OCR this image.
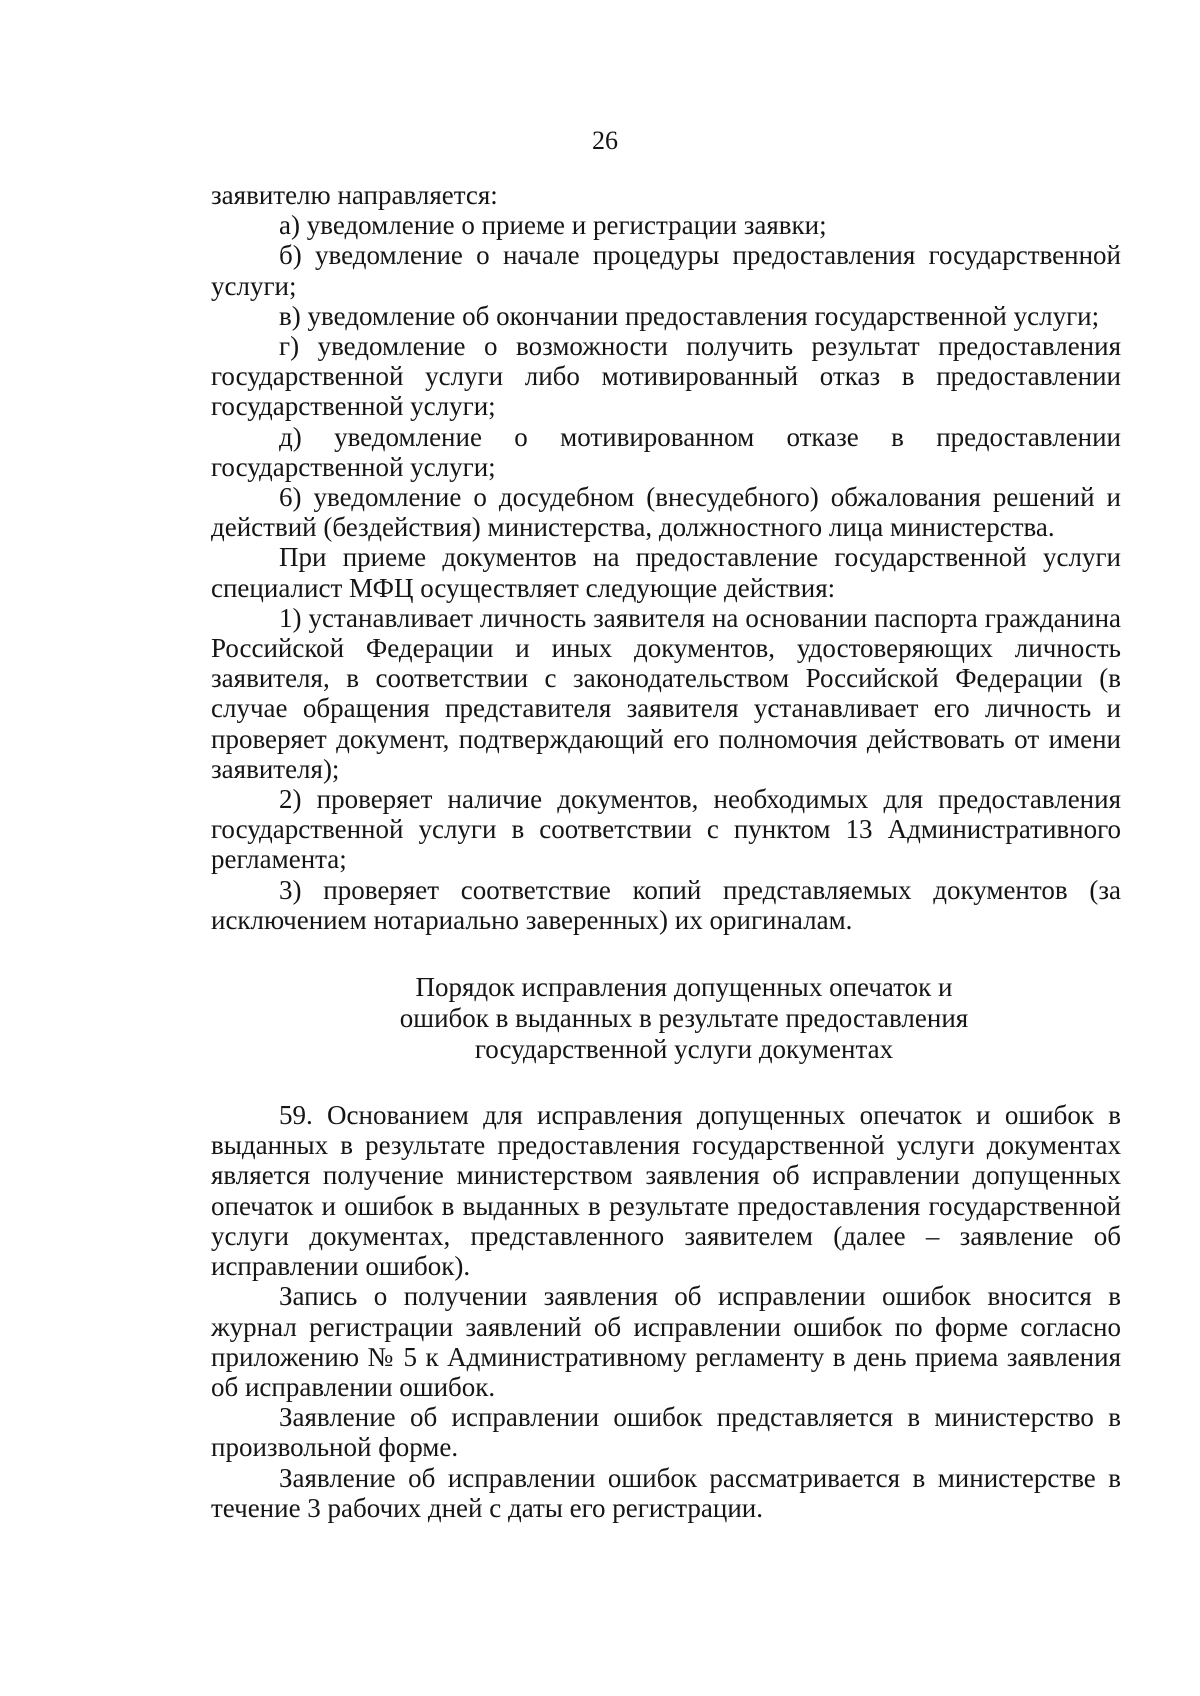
26

заявителю направляется:

а) уведомление о приеме и регистрации заявки;

б) уведомление о начале процедуры предоставления государственной услуги;

в) уведомление об окончании предоставления государственной услуги;

г) уведомление о возможности получить результат предоставления государственной услуги либо мотивированный отказ в предоставлении государственной услуги;

д) уведомление о мотивированном отказе в предоставлении государственной услуги;

6) уведомление о досудебном (внесудебного) обжалования решений и действий (бездействия) министерства, должностного лица министерства.

При приеме документов на предоставление государственной услуги специалист МФЦ осуществляет следующие действия:

1) устанавливает личность заявителя на основании паспорта гражданина Российской Федерации и иных документов, удостоверяющих личность заявителя, в соответствии с законодательством Российской Федерации (в случае обращения представителя заявителя устанавливает его личность и проверяет документ, подтверждающий его полномочия действовать от имени заявителя);

2) проверяет наличие документов, необходимых для предоставления государственной услуги в соответствии с пунктом 13 Административного регламента;

3) проверяет соответствие копий представляемых документов (за исключением нотариально заверенных) их оригиналам.

Порядок исправления допущенных опечаток и
ошибок в выданных в результате предоставления
государственной услуги документах

59. Основанием для исправления допущенных опечаток и ошибок в выданных в результате предоставления государственной услуги документах является получение министерством заявления об исправлении допущенных опечаток и ошибок в выданных в результате предоставления государственной услуги документах, представленного заявителем (далее – заявление об исправлении ошибок).

Запись о получении заявления об исправлении ошибок вносится в журнал регистрации заявлений об исправлении ошибок по форме согласно приложению № 5 к Административному регламенту в день приема заявления об исправлении ошибок.

Заявление об исправлении ошибок представляется в министерство в произвольной форме.

Заявление об исправлении ошибок рассматривается в министерстве в течение 3 рабочих дней с даты его регистрации.
